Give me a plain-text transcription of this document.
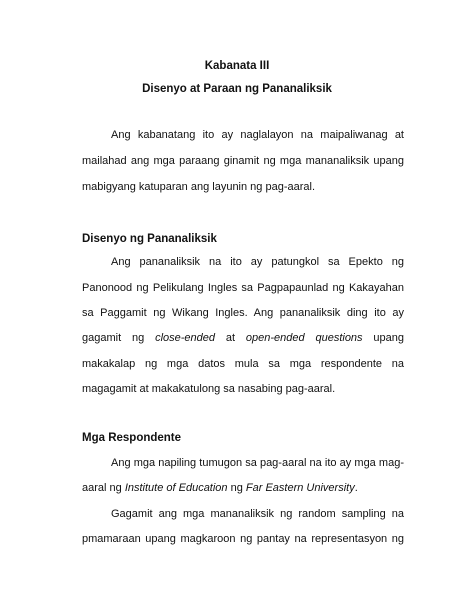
Kabanata III
Disenyo at Paraan ng Pananaliksik
Ang kabanatang ito ay naglalayon na maipaliwanag at
mailahad ang mga paraang ginamit ng mga mananaliksik upang
mabigyang katuparan ang layunin ng pag-aaral.
Disenyo ng Pananaliksik
Ang pananaliksik na ito ay patungkol sa Epekto ng
Panonood ng Pelikulang Ingles sa Pagpapaunlad ng Kakayahan
sa Paggamit ng Wikang Ingles. Ang pananaliksik ding ito ay
gagamit ng close-ended at open-ended questions upang
makakalap ng mga datos mula sa mga respondente na
magagamit at makakatulong sa nasabing pag-aaral.
Mga Respondente
Ang mga napiling tumugon sa pag-aaral na ito ay mga mag-
aaral ng Institute of Education ng Far Eastern University.
Gagamit ang mga mananaliksik ng random sampling na
pmamaraan upang magkaroon ng pantay na representasyon ng
